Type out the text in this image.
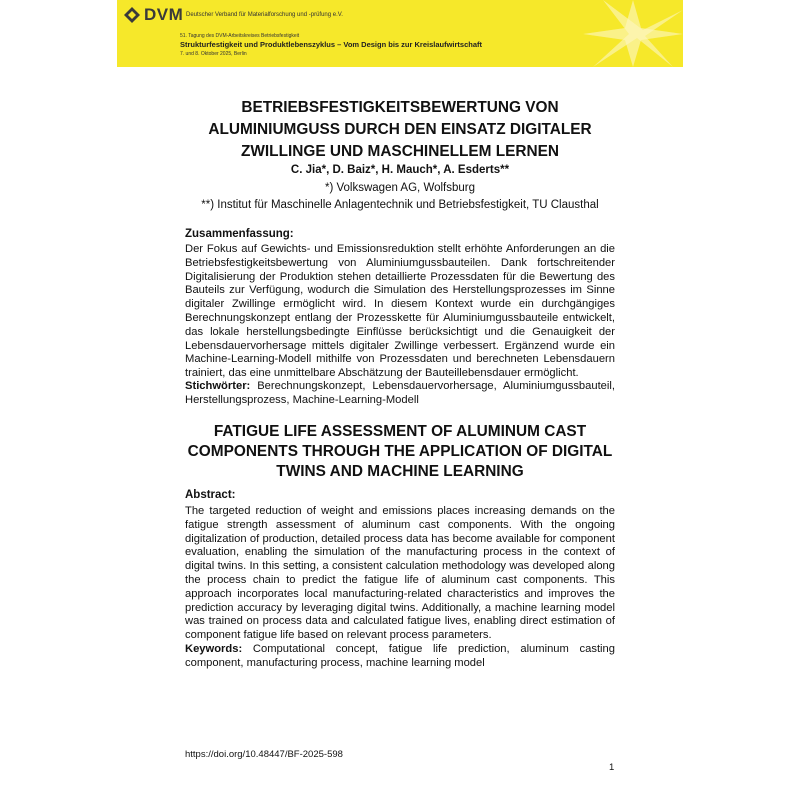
DVM Deutscher Verband für Materialforschung und -prüfung e.V.
51. Tagung des DVM-Arbeitskreises Betriebsfestigkeit
Strukturfestigkeit und Produktlebenszyklus – Vom Design bis zur Kreislaufwirtschaft
7. und 8. Oktober 2025, Berlin
BETRIEBSFESTIGKEITSBEWERTUNG VON ALUMINIUMGUSS DURCH DEN EINSATZ DIGITALER ZWILLINGE UND MASCHINELLEM LERNEN
C. Jia*, D. Baiz*, H. Mauch*, A. Esderts**
*) Volkswagen AG, Wolfsburg
**) Institut für Maschinelle Anlagentechnik und Betriebsfestigkeit, TU Clausthal
Zusammenfassung:

Der Fokus auf Gewichts- und Emissionsreduktion stellt erhöhte Anforderungen an die Betriebsfestigkeitsbewertung von Aluminiumgussbauteilen. Dank fortschreitender Digitalisierung der Produktion stehen detaillierte Prozessdaten für die Bewertung des Bauteils zur Verfügung, wodurch die Simulation des Herstellungsprozesses im Sinne digitaler Zwillinge ermöglicht wird. In diesem Kontext wurde ein durchgängiges Berechnungskonzept entlang der Prozesskette für Aluminiumgussbauteile entwickelt, das lokale herstellungsbedingte Einflüsse berücksichtigt und die Genauigkeit der Lebensdauervorhersage mittels digitaler Zwillinge verbessert. Ergänzend wurde ein Machine-Learning-Modell mithilfe von Prozessdaten und berechneten Lebensdauern trainiert, das eine unmittelbare Abschätzung der Bauteillebensdauer ermöglicht.

Stichwörter: Berechnungskonzept, Lebensdauervorhersage, Aluminiumgussbauteil, Herstellungsprozess, Machine-Learning-Modell

FATIGUE LIFE ASSESSMENT OF ALUMINUM CAST COMPONENTS THROUGH THE APPLICATION OF DIGITAL TWINS AND MACHINE LEARNING
Abstract:

The targeted reduction of weight and emissions places increasing demands on the fatigue strength assessment of aluminum cast components. With the ongoing digitalization of production, detailed process data has become available for component evaluation, enabling the simulation of the manufacturing process in the context of digital twins. In this setting, a consistent calculation methodology was developed along the process chain to predict the fatigue life of aluminum cast components. This approach incorporates local manufacturing-related characteristics and improves the prediction accuracy by leveraging digital twins. Additionally, a machine learning model was trained on process data and calculated fatigue lives, enabling direct estimation of component fatigue life based on relevant process parameters.

Keywords: Computational concept, fatigue life prediction, aluminum casting component, manufacturing process, machine learning model

https://doi.org/10.48447/BF-2025-598
1
